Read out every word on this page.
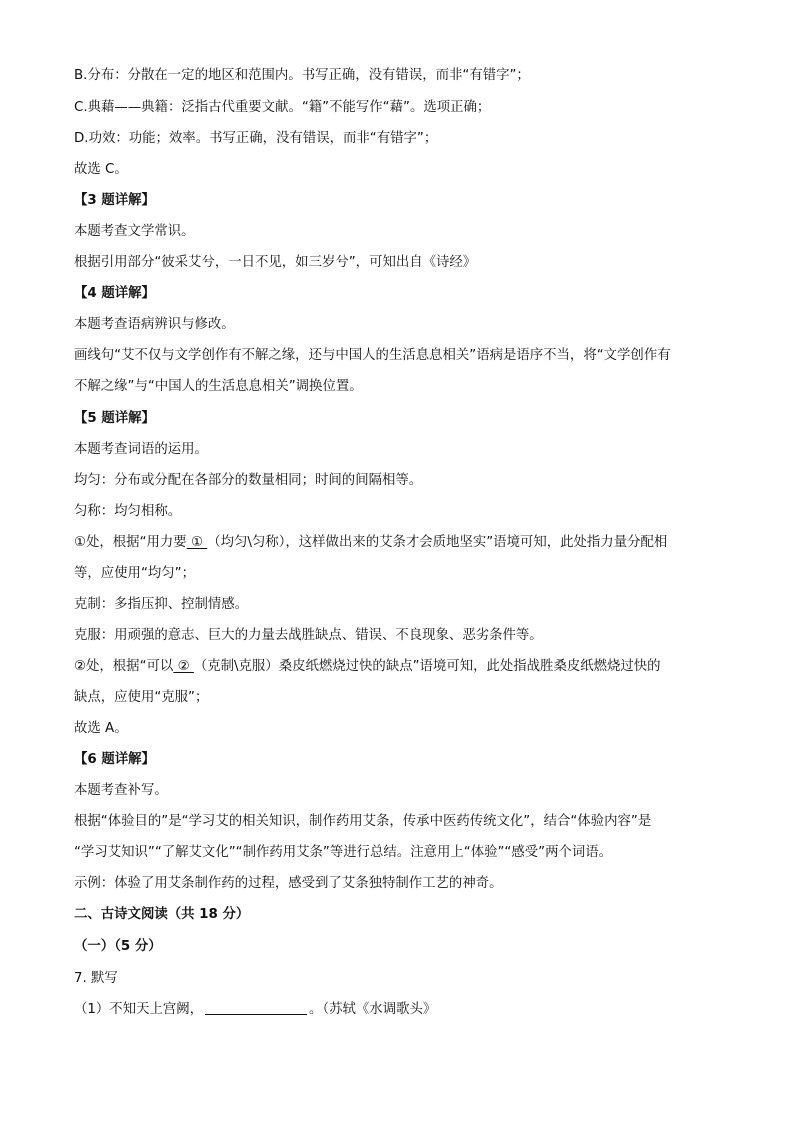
B.分布：分散在一定的地区和范围内。书写正确，没有错误，而非“有错字”；
C.典藉——典籍：泛指古代重要文献。“籍”不能写作“藉”。选项正确；
D.功效：功能；效率。书写正确，没有错误，而非“有错字”；
故选 C。
【3 题详解】
本题考查文学常识。
根据引用部分“彼采艾兮，一日不见，如三岁兮”，可知出自《诗经》
【4 题详解】
本题考查语病辨识与修改。
画线句“艾不仅与文学创作有不解之缘，还与中国人的生活息息相关”语病是语序不当，将“文学创作有
不解之缘”与“中国人的生活息息相关”调换位置。
【5 题详解】
本题考查词语的运用。
均匀：分布或分配在各部分的数量相同；时间的间隔相等。
匀称：均匀相称。
①处，根据“用力要 ① （均匀\匀称），这样做出来的艾条才会质地坚实”语境可知，此处指力量分配相
等，应使用“均匀”；
克制：多指压抑、控制情感。
克服：用顽强的意志、巨大的力量去战胜缺点、错误、不良现象、恶劣条件等。
②处，根据“可以 ② （克制\克服）桑皮纸燃烧过快的缺点”语境可知，此处指战胜桑皮纸燃烧过快的
缺点，应使用“克服”；
故选 A。
【6 题详解】
本题考查补写。
根据“体验目的”是“学习艾的相关知识，制作药用艾条，传承中医药传统文化”，结合“体验内容”是
“学习艾知识”“了解艾文化”“制作药用艾条”等进行总结。注意用上“体验”“感受”两个词语。
示例：体验了用艾条制作药的过程，感受到了艾条独特制作工艺的神奇。
二、古诗文阅读（共 18 分）
（一）（5 分）
7. 默写
（1）不知天上宫阙，	。（苏轼《水调歌头》
